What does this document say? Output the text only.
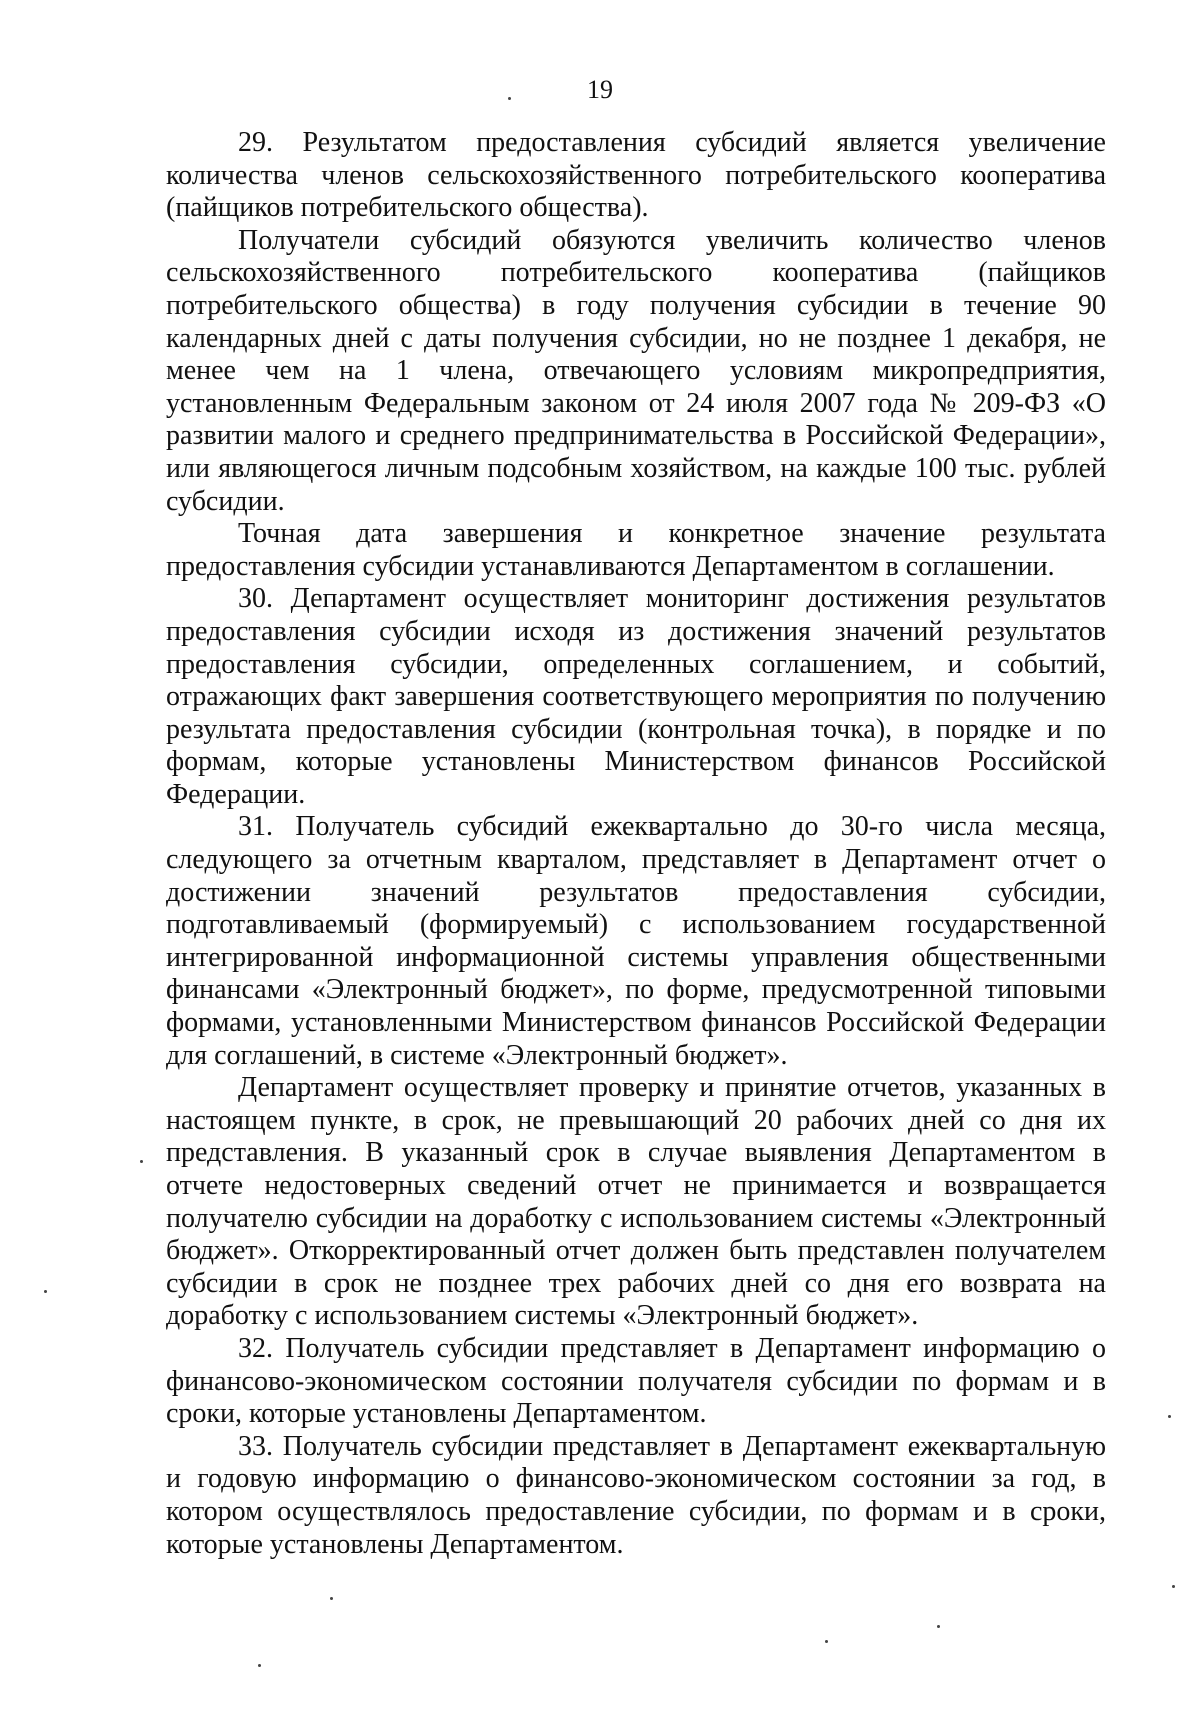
19

29. Результатом предоставления субсидий является увеличение количества членов сельскохозяйственного потребительского кооператива (пайщиков потребительского общества).

Получатели субсидий обязуются увеличить количество членов сельскохозяйственного потребительского кооператива (пайщиков потребительского общества) в году получения субсидии в течение 90 календарных дней с даты получения субсидии, но не позднее 1 декабря, не менее чем на 1 члена, отвечающего условиям микропредприятия, установленным Федеральным законом от 24 июля 2007 года № 209-ФЗ «О развитии малого и среднего предпринимательства в Российской Федерации», или являющегося личным подсобным хозяйством, на каждые 100 тыс. рублей субсидии.

Точная дата завершения и конкретное значение результата предоставления субсидии устанавливаются Департаментом в соглашении.

30. Департамент осуществляет мониторинг достижения результатов предоставления субсидии исходя из достижения значений результатов предоставления субсидии, определенных соглашением, и событий, отражающих факт завершения соответствующего мероприятия по получению результата предоставления субсидии (контрольная точка), в порядке и по формам, которые установлены Министерством финансов Российской Федерации.

31. Получатель субсидий ежеквартально до 30-го числа месяца, следующего за отчетным кварталом, представляет в Департамент отчет о достижении значений результатов предоставления субсидии, подготавливаемый (формируемый) с использованием государственной интегрированной информационной системы управления общественными финансами «Электронный бюджет», по форме, предусмотренной типовыми формами, установленными Министерством финансов Российской Федерации для соглашений, в системе «Электронный бюджет».

Департамент осуществляет проверку и принятие отчетов, указанных в настоящем пункте, в срок, не превышающий 20 рабочих дней со дня их представления. В указанный срок в случае выявления Департаментом в отчете недостоверных сведений отчет не принимается и возвращается получателю субсидии на доработку с использованием системы «Электронный бюджет». Откорректированный отчет должен быть представлен получателем субсидии в срок не позднее трех рабочих дней со дня его возврата на доработку с использованием системы «Электронный бюджет».

32. Получатель субсидии представляет в Департамент информацию о финансово-экономическом состоянии получателя субсидии по формам и в сроки, которые установлены Департаментом.

33. Получатель субсидии представляет в Департамент ежеквартальную и годовую информацию о финансово-экономическом состоянии за год, в котором осуществлялось предоставление субсидии, по формам и в сроки, которые установлены Департаментом.
